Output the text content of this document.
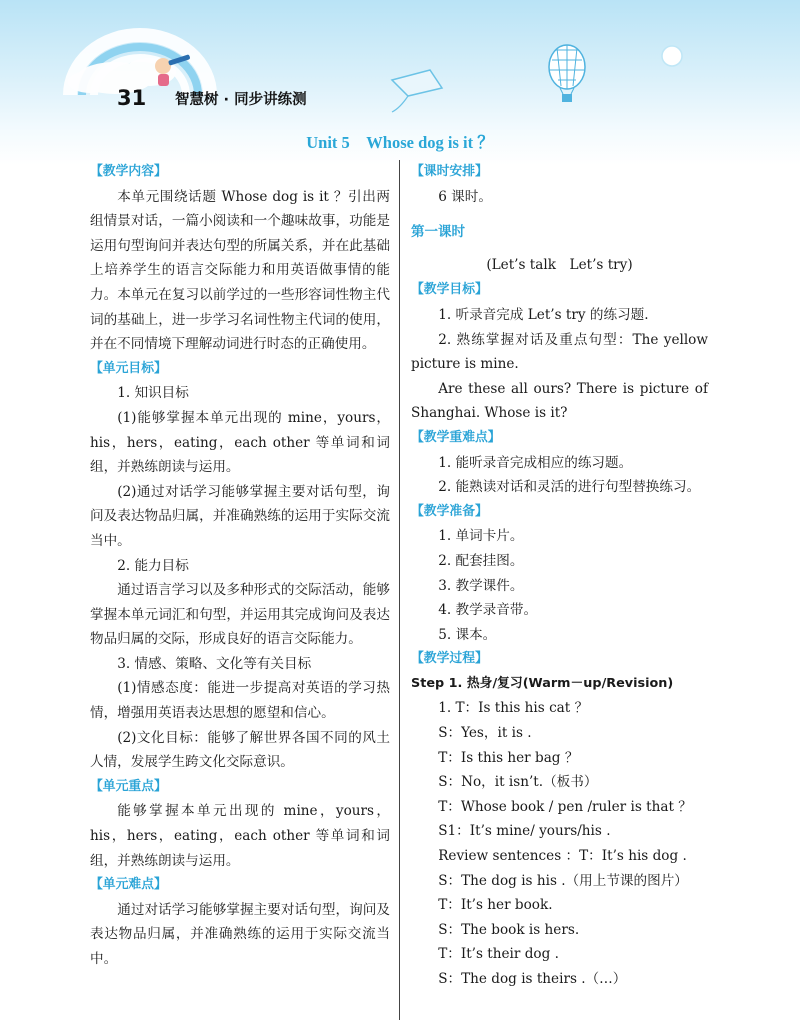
31 智慧树 · 同步讲练测
Unit 5　Whose dog is it ？

【教学内容】

本单元围绕话题 Whose dog is it ？引出两组情景对话，一篇小阅读和一个趣味故事，功能是运用句型询问并表达句型的所属关系，并在此基础上培养学生的语言交际能力和用英语做事情的能力。本单元在复习以前学过的一些形容词性物主代词的基础上，进一步学习名词性物主代词的使用，并在不同情境下理解动词进行时态的正确使用。

【单元目标】

1. 知识目标

(1)能够掌握本单元出现的 mine，yours，his，hers，eating，each other 等单词和词组，并熟练朗读与运用。

(2)通过对话学习能够掌握主要对话句型，询问及表达物品归属，并准确熟练的运用于实际交流当中。

2. 能力目标

通过语言学习以及多种形式的交际活动，能够掌握本单元词汇和句型，并运用其完成询问及表达物品归属的交际，形成良好的语言交际能力。

3. 情感、策略、文化等有关目标

(1)情感态度：能进一步提高对英语的学习热情，增强用英语表达思想的愿望和信心。

(2)文化目标：能够了解世界各国不同的风土人情，发展学生跨文化交际意识。

【单元重点】

能够掌握本单元出现的 mine，yours，his，hers，eating，each other 等单词和词组，并熟练朗读与运用。

【单元难点】

通过对话学习能够掌握主要对话句型，询问及表达物品归属，并准确熟练的运用于实际交流当中。

【课时安排】

6 课时。

第一课时

(Let’s talk　Let’s try)

【教学目标】

1. 听录音完成 Let’s try 的练习题.

2. 熟练掌握对话及重点句型：The yellow picture is mine.

Are these all ours? There is picture of Shanghai. Whose is it?

【教学重难点】

1. 能听录音完成相应的练习题。

2. 能熟读对话和灵活的进行句型替换练习。

【教学准备】

1. 单词卡片。

2. 配套挂图。

3. 教学课件。

4. 教学录音带。

5. 课本。

【教学过程】

Step 1. 热身/复习(Warm－up/Revision)

1. T：Is this his cat ？

S：Yes，it is .

T：Is this her bag ？

S：No，it isn’t.（板书）

T：Whose book / pen /ruler is that ？

S1：It’s mine/ yours/his .

Review sentences ：T：It’s his dog .

S：The dog is his .（用上节课的图片）

T：It’s her book.

S：The book is hers.

T：It’s their dog .

S：The dog is theirs .（…）
